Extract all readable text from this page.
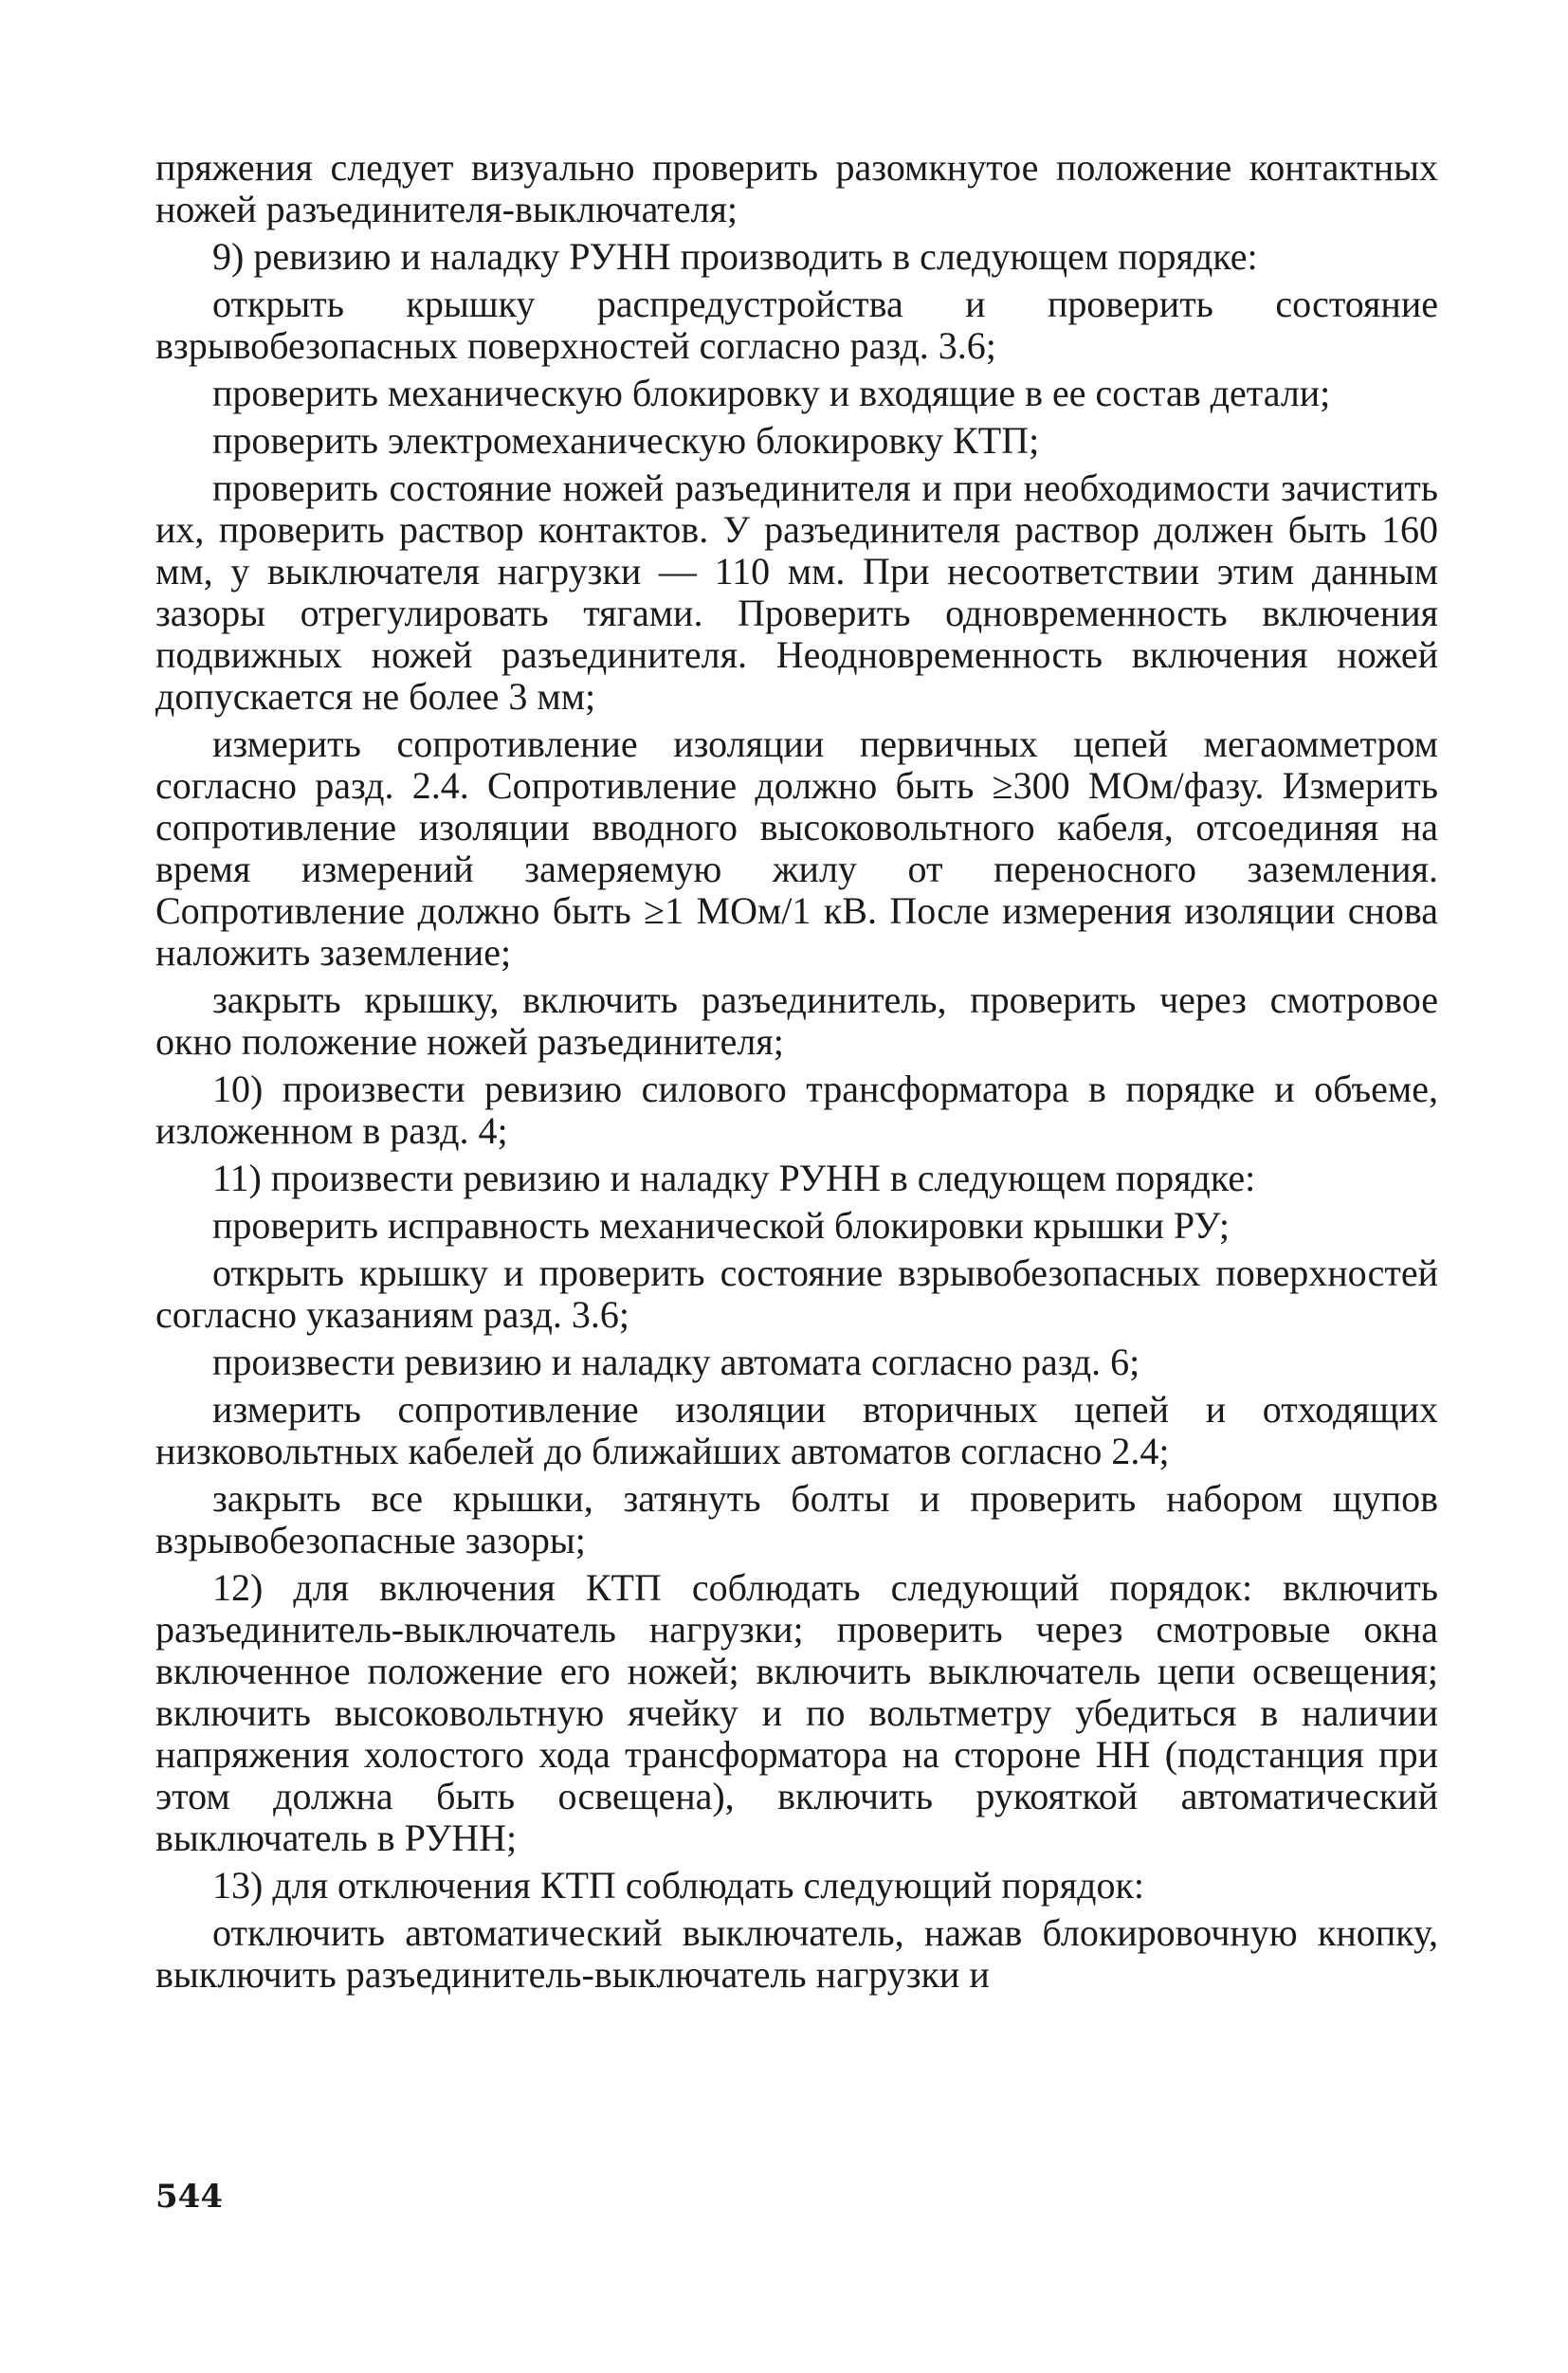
пряжения следует визуально проверить разомкнутое положение контактных ножей разъединителя-выключателя;

9) ревизию и наладку РУНН производить в следующем порядке:

открыть крышку распредустройства и проверить состояние взрывобезопасных поверхностей согласно разд. 3.6;

проверить механическую блокировку и входящие в ее состав детали;

проверить электромеханическую блокировку КТП;

проверить состояние ножей разъединителя и при необходимости зачистить их, проверить раствор контактов. У разъединителя раствор должен быть 160 мм, у выключателя нагрузки — 110 мм. При несоответствии этим данным зазоры отрегулировать тягами. Проверить одновременность включения подвижных ножей разъединителя. Неодновременность включения ножей допускается не более 3 мм;

измерить сопротивление изоляции первичных цепей мегаомметром согласно разд. 2.4. Сопротивление должно быть ≥300 МОм/фазу. Измерить сопротивление изоляции вводного высоковольтного кабеля, отсоединяя на время измерений замеряемую жилу от переносного заземления. Сопротивление должно быть ≥1 МОм/1 кВ. После измерения изоляции снова наложить заземление;

закрыть крышку, включить разъединитель, проверить через смотровое окно положение ножей разъединителя;

10) произвести ревизию силового трансформатора в порядке и объеме, изложенном в разд. 4;

11) произвести ревизию и наладку РУНН в следующем порядке:

проверить исправность механической блокировки крышки РУ;

открыть крышку и проверить состояние взрывобезопасных поверхностей согласно указаниям разд. 3.6;

произвести ревизию и наладку автомата согласно разд. 6;

измерить сопротивление изоляции вторичных цепей и отходящих низковольтных кабелей до ближайших автоматов согласно 2.4;

закрыть все крышки, затянуть болты и проверить набором щупов взрывобезопасные зазоры;

12) для включения КТП соблюдать следующий порядок: включить разъединитель-выключатель нагрузки; проверить через смотровые окна включенное положение его ножей; включить выключатель цепи освещения; включить высоковольтную ячейку и по вольтметру убедиться в наличии напряжения холостого хода трансформатора на стороне НН (подстанция при этом должна быть освещена), включить рукояткой автоматический выключатель в РУНН;

13) для отключения КТП соблюдать следующий порядок:

отключить автоматический выключатель, нажав блокировочную кнопку, выключить разъединитель-выключатель нагрузки и

544
